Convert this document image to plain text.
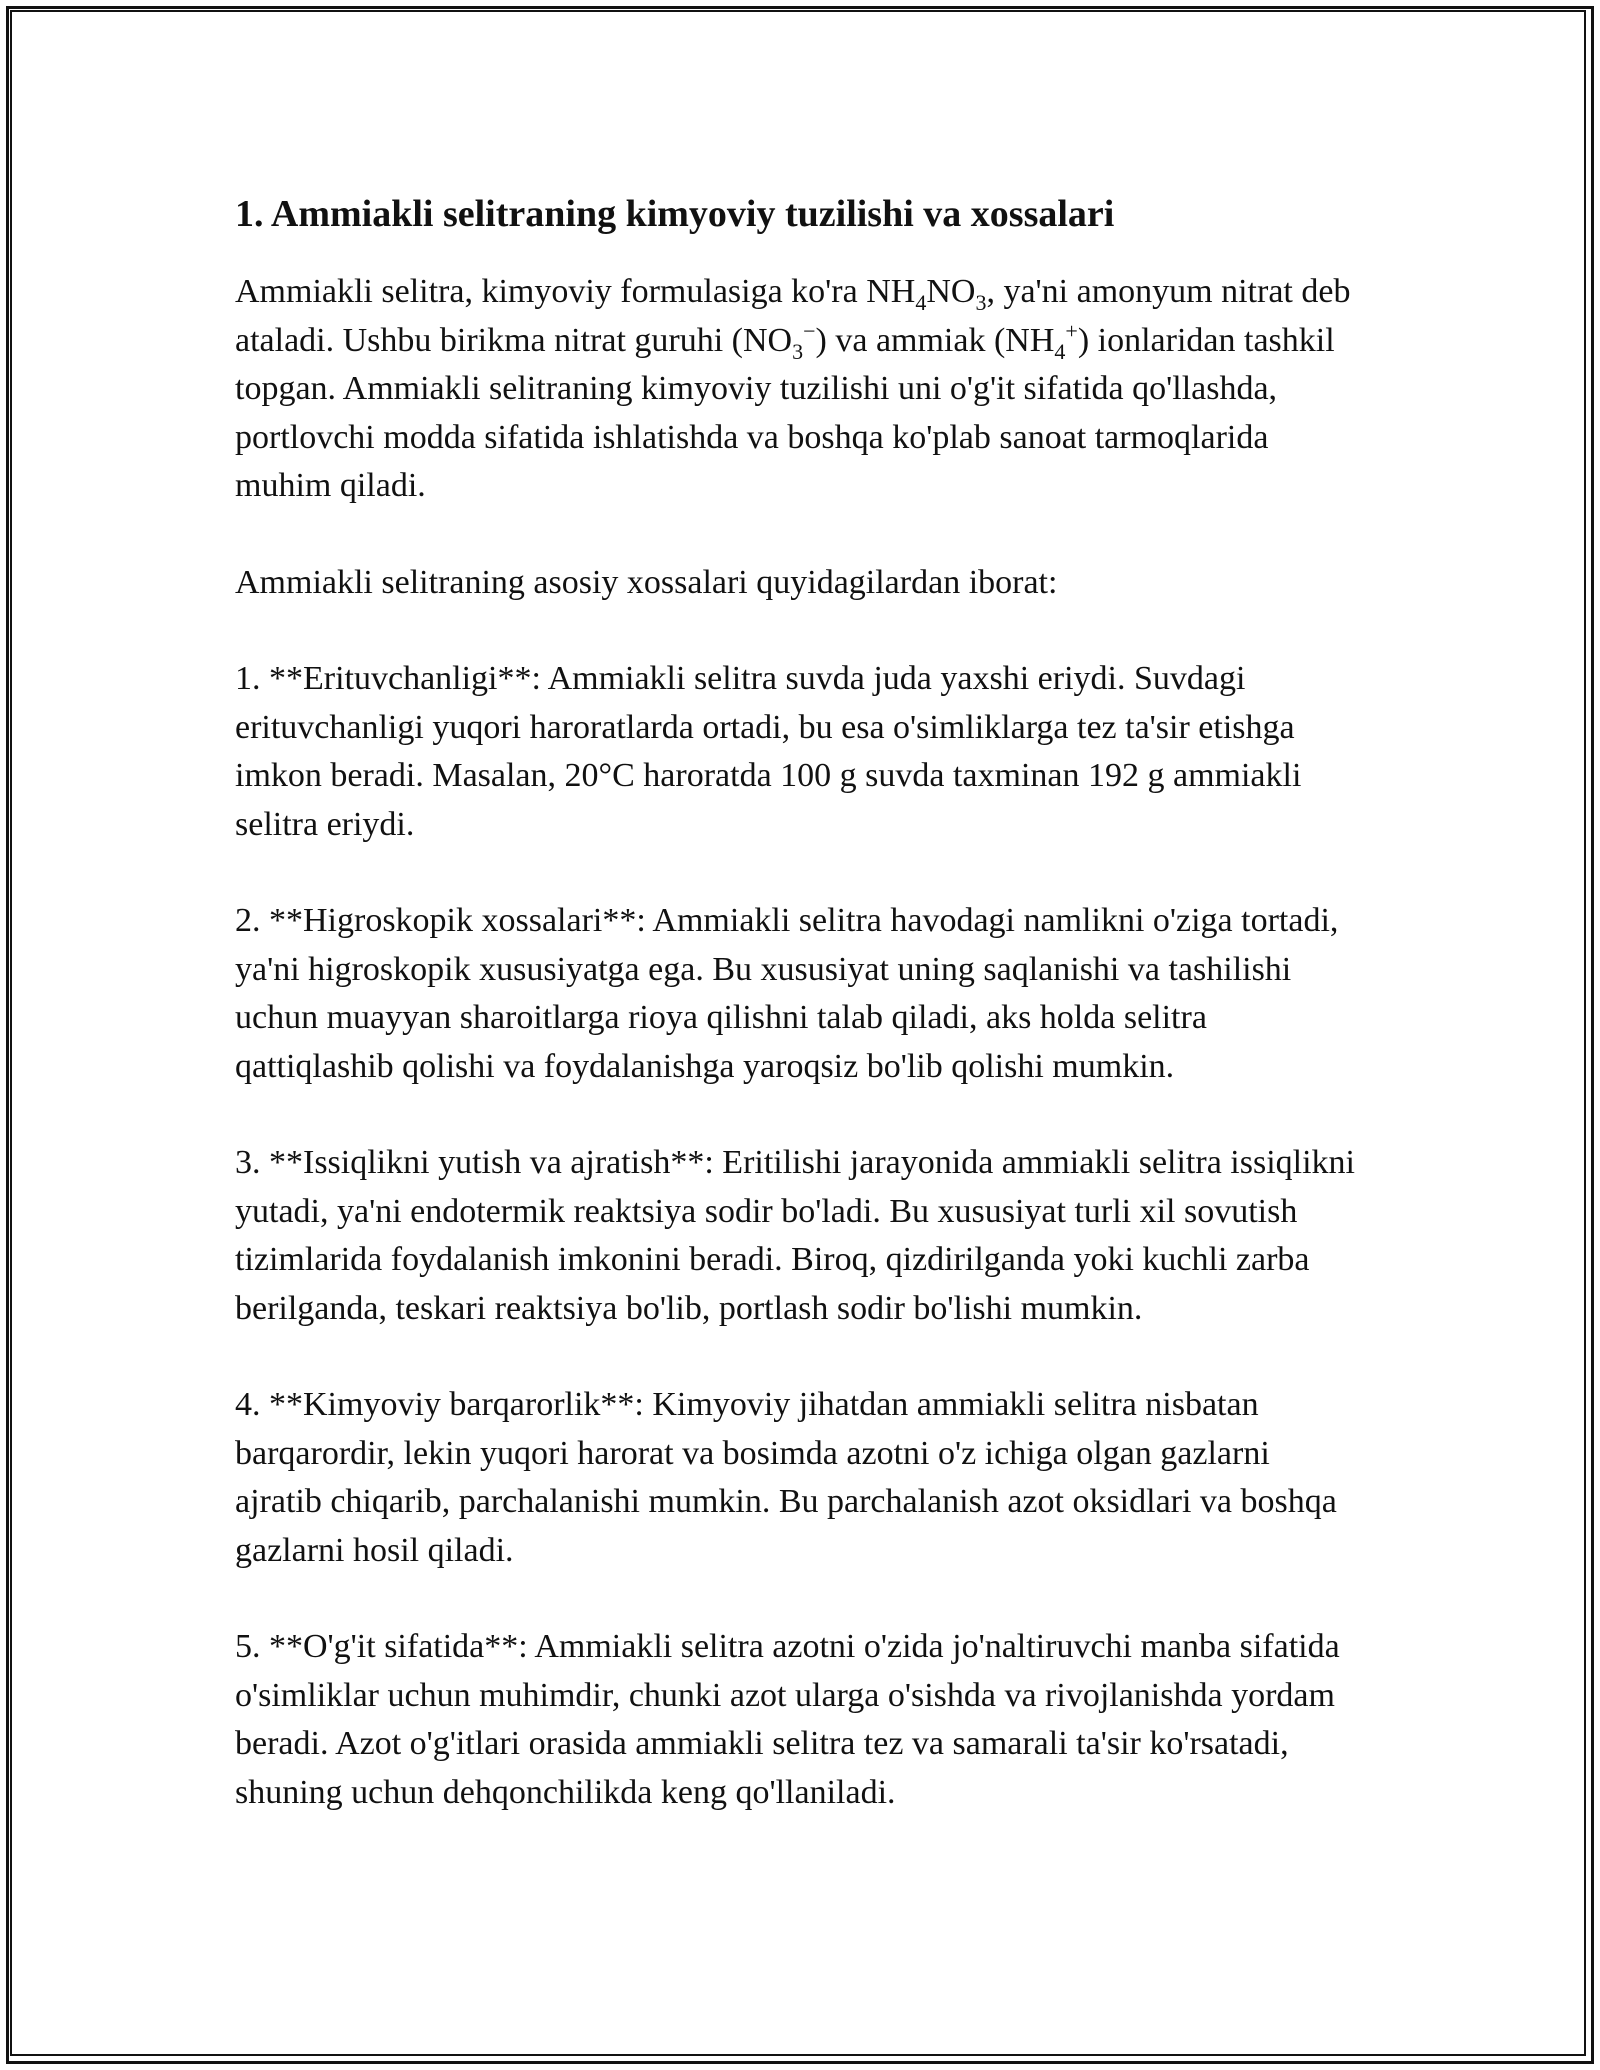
1. Ammiakli selitraning kimyoviy tuzilishi va xossalari

Ammiakli selitra, kimyoviy formulasiga ko'ra $NH_4NO_3$, ya'ni amonyum nitrat deb ataladi. Ushbu birikma nitrat guruhi $(NO_3^-)$ va ammiak $(NH_4^+)$ ionlaridan tashkil topgan. Ammiakli selitraning kimyoviy tuzilishi uni o'g'it sifatida qo'llashda, portlovchi modda sifatida ishlatishda va boshqa ko'plab sanoat tarmoqlarida muhim qiladi.

Ammiakli selitraning asosiy xossalari quyidagilardan iborat:

1. **Erituvchanligi**: Ammiakli selitra suvda juda yaxshi eriydi. Suvdagi erituvchanligi yuqori haroratlarda ortadi, bu esa o'simliklarga tez ta'sir etishga imkon beradi. Masalan, 20°C haroratda 100 g suvda taxminan 192 g ammiakli selitra eriydi.

2. **Higroskopik xossalari**: Ammiakli selitra havodagi namlikni o'ziga tortadi, ya'ni higroskopik xususiyatga ega. Bu xususiyat uning saqlanishi va tashilishi uchun muayyan sharoitlarga rioya qilishni talab qiladi, aks holda selitra qattiqlashib qolishi va foydalanishga yaroqsiz bo'lib qolishi mumkin.

3. **Issiqlikni yutish va ajratish**: Eritilishi jarayonida ammiakli selitra issiqlikni yutadi, ya'ni endotermik reaktsiya sodir bo'ladi. Bu xususiyat turli xil sovutish tizimlarida foydalanish imkonini beradi. Biroq, qizdirilganda yoki kuchli zarba berilganda, teskari reaktsiya bo'lib, portlash sodir bo'lishi mumkin.

4. **Kimyoviy barqarorlik**: Kimyoviy jihatdan ammiakli selitra nisbatan barqarordir, lekin yuqori harorat va bosimda azotni o'z ichiga olgan gazlarni ajratib chiqarib, parchalanishi mumkin. Bu parchalanish azot oksidlari va boshqa gazlarni hosil qiladi.

5. **O'g'it sifatida**: Ammiakli selitra azotni o'zida jo'naltiruvchi manba sifatida o'simliklar uchun muhimdir, chunki azot ularga o'sishda va rivojlanishda yordam beradi. Azot o'g'itlari orasida ammiakli selitra tez va samarali ta'sir ko'rsatadi, shuning uchun dehqonchilikda keng qo'llaniladi.
